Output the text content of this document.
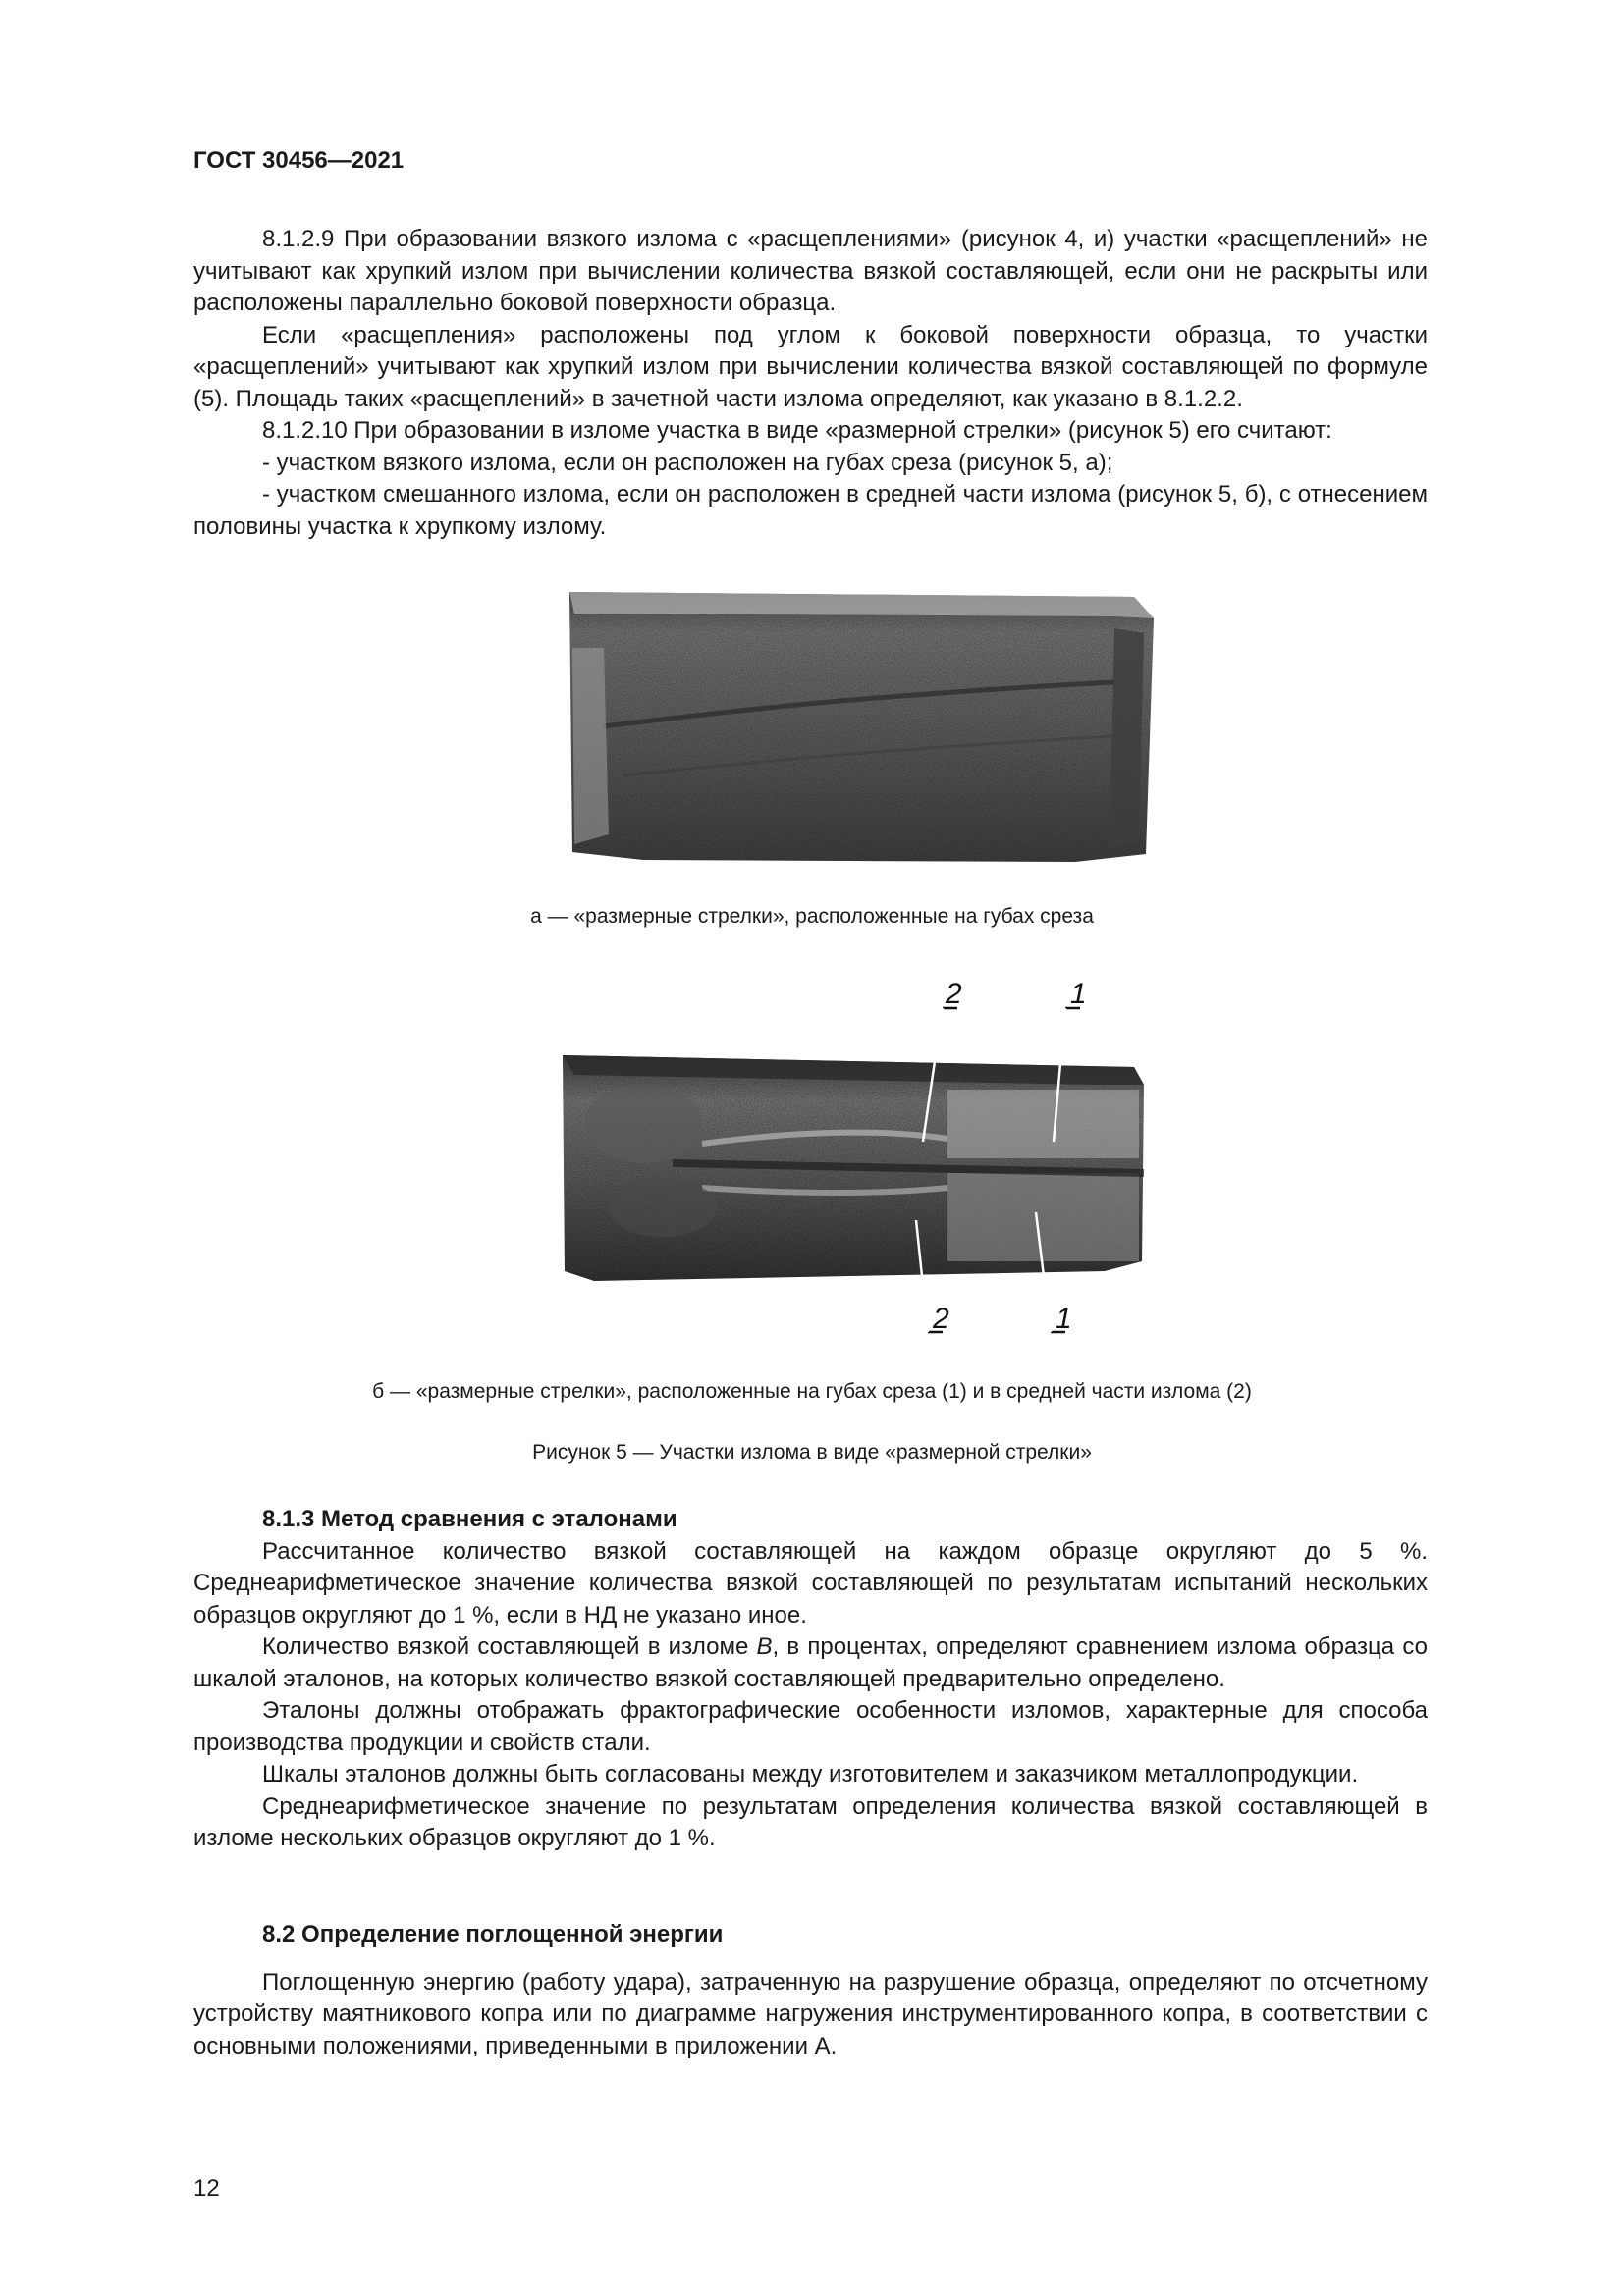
ГОСТ 30456—2021

8.1.2.9 При образовании вязкого излома с «расщеплениями» (рисунок 4, и) участки «расщеплений» не учитывают как хрупкий излом при вычислении количества вязкой составляющей, если они не раскрыты или расположены параллельно боковой поверхности образца.

Если «расщепления» расположены под углом к боковой поверхности образца, то участки «расщеплений» учитывают как хрупкий излом при вычислении количества вязкой составляющей по формуле (5). Площадь таких «расщеплений» в зачетной части излома определяют, как указано в 8.1.2.2.

8.1.2.10 При образовании в изломе участка в виде «размерной стрелки» (рисунок 5) его считают:

- участком вязкого излома, если он расположен на губах среза (рисунок 5, а);

- участком смешанного излома, если он расположен в средней части излома (рисунок 5, б), с отнесением половины участка к хрупкому излому.

а — «размерные стрелки», расположенные на губах среза
2	1
2	1
б — «размерные стрелки», расположенные на губах среза (1) и в средней части излома (2)
Рисунок 5 — Участки излома в виде «размерной стрелки»

8.1.3 Метод сравнения с эталонами

Рассчитанное количество вязкой составляющей на каждом образце округляют до 5 %. Среднеарифметическое значение количества вязкой составляющей по результатам испытаний нескольких образцов округляют до 1 %, если в НД не указано иное.

Количество вязкой составляющей в изломе B, в процентах, определяют сравнением излома образца со шкалой эталонов, на которых количество вязкой составляющей предварительно определено.

Эталоны должны отображать фрактографические особенности изломов, характерные для способа производства продукции и свойств стали.

Шкалы эталонов должны быть согласованы между изготовителем и заказчиком металлопродукции.

Среднеарифметическое значение по результатам определения количества вязкой составляющей в изломе нескольких образцов округляют до 1 %.

8.2 Определение поглощенной энергии

Поглощенную энергию (работу удара), затраченную на разрушение образца, определяют по отсчетному устройству маятникового копра или по диаграмме нагружения инструментированного копра, в соответствии с основными положениями, приведенными в приложении А.

12
